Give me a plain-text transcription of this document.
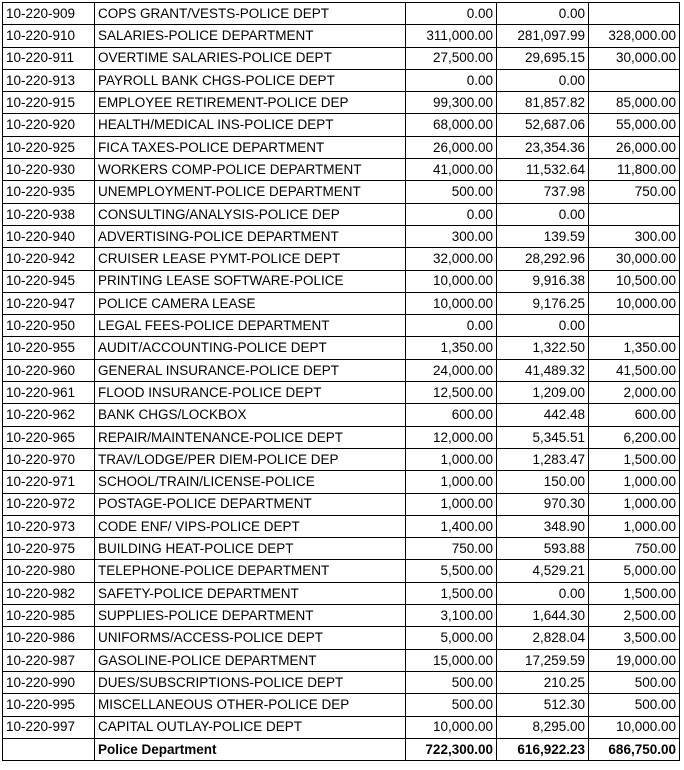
10-220-909	COPS GRANT/VESTS-POLICE DEPT	0.00	0.00	
10-220-910	SALARIES-POLICE DEPARTMENT	311,000.00	281,097.99	328,000.00
10-220-911	OVERTIME SALARIES-POLICE DEPT	27,500.00	29,695.15	30,000.00
10-220-913	PAYROLL BANK CHGS-POLICE DEPT	0.00	0.00	
10-220-915	EMPLOYEE RETIREMENT-POLICE DEP	99,300.00	81,857.82	85,000.00
10-220-920	HEALTH/MEDICAL INS-POLICE DEPT	68,000.00	52,687.06	55,000.00
10-220-925	FICA TAXES-POLICE DEPARTMENT	26,000.00	23,354.36	26,000.00
10-220-930	WORKERS COMP-POLICE DEPARTMENT	41,000.00	11,532.64	11,800.00
10-220-935	UNEMPLOYMENT-POLICE DEPARTMENT	500.00	737.98	750.00
10-220-938	CONSULTING/ANALYSIS-POLICE DEP	0.00	0.00	
10-220-940	ADVERTISING-POLICE DEPARTMENT	300.00	139.59	300.00
10-220-942	CRUISER LEASE PYMT-POLICE DEPT	32,000.00	28,292.96	30,000.00
10-220-945	PRINTING LEASE SOFTWARE-POLICE	10,000.00	9,916.38	10,500.00
10-220-947	POLICE CAMERA LEASE	10,000.00	9,176.25	10,000.00
10-220-950	LEGAL FEES-POLICE DEPARTMENT	0.00	0.00	
10-220-955	AUDIT/ACCOUNTING-POLICE DEPT	1,350.00	1,322.50	1,350.00
10-220-960	GENERAL INSURANCE-POLICE DEPT	24,000.00	41,489.32	41,500.00
10-220-961	FLOOD INSURANCE-POLICE DEPT	12,500.00	1,209.00	2,000.00
10-220-962	BANK CHGS/LOCKBOX	600.00	442.48	600.00
10-220-965	REPAIR/MAINTENANCE-POLICE DEPT	12,000.00	5,345.51	6,200.00
10-220-970	TRAV/LODGE/PER DIEM-POLICE DEP	1,000.00	1,283.47	1,500.00
10-220-971	SCHOOL/TRAIN/LICENSE-POLICE	1,000.00	150.00	1,000.00
10-220-972	POSTAGE-POLICE DEPARTMENT	1,000.00	970.30	1,000.00
10-220-973	CODE ENF/ VIPS-POLICE DEPT	1,400.00	348.90	1,000.00
10-220-975	BUILDING HEAT-POLICE DEPT	750.00	593.88	750.00
10-220-980	TELEPHONE-POLICE DEPARTMENT	5,500.00	4,529.21	5,000.00
10-220-982	SAFETY-POLICE DEPARTMENT	1,500.00	0.00	1,500.00
10-220-985	SUPPLIES-POLICE DEPARTMENT	3,100.00	1,644.30	2,500.00
10-220-986	UNIFORMS/ACCESS-POLICE DEPT	5,000.00	2,828.04	3,500.00
10-220-987	GASOLINE-POLICE DEPARTMENT	15,000.00	17,259.59	19,000.00
10-220-990	DUES/SUBSCRIPTIONS-POLICE DEPT	500.00	210.25	500.00
10-220-995	MISCELLANEOUS OTHER-POLICE DEP	500.00	512.30	500.00
10-220-997	CAPITAL OUTLAY-POLICE DEPT	10,000.00	8,295.00	10,000.00
	Police Department	722,300.00	616,922.23	686,750.00
